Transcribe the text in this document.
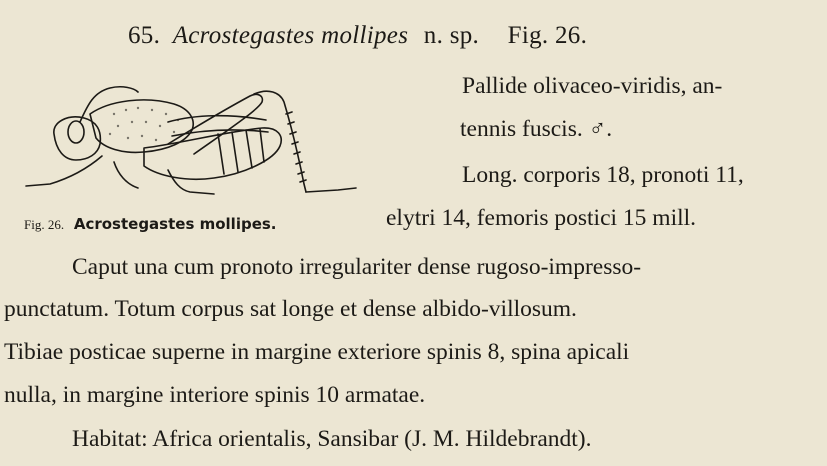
65. Acrostegastes mollipes n. sp. Fig. 26.
Fig. 26. Acrostegastes mollipes.
Pallide olivaceo-viridis, an-
tennis fuscis. ♂.
Long. corporis 18, pronoti 11,
elytri 14, femoris postici 15 mill.
Caput una cum pronoto irregulariter dense rugoso-impresso-
punctatum. Totum corpus sat longe et dense albido-villosum.
Tibiae posticae superne in margine exteriore spinis 8, spina apicali
nulla, in margine interiore spinis 10 armatae.
Habitat: Africa orientalis, Sansibar (J. M. Hildebrandt).
